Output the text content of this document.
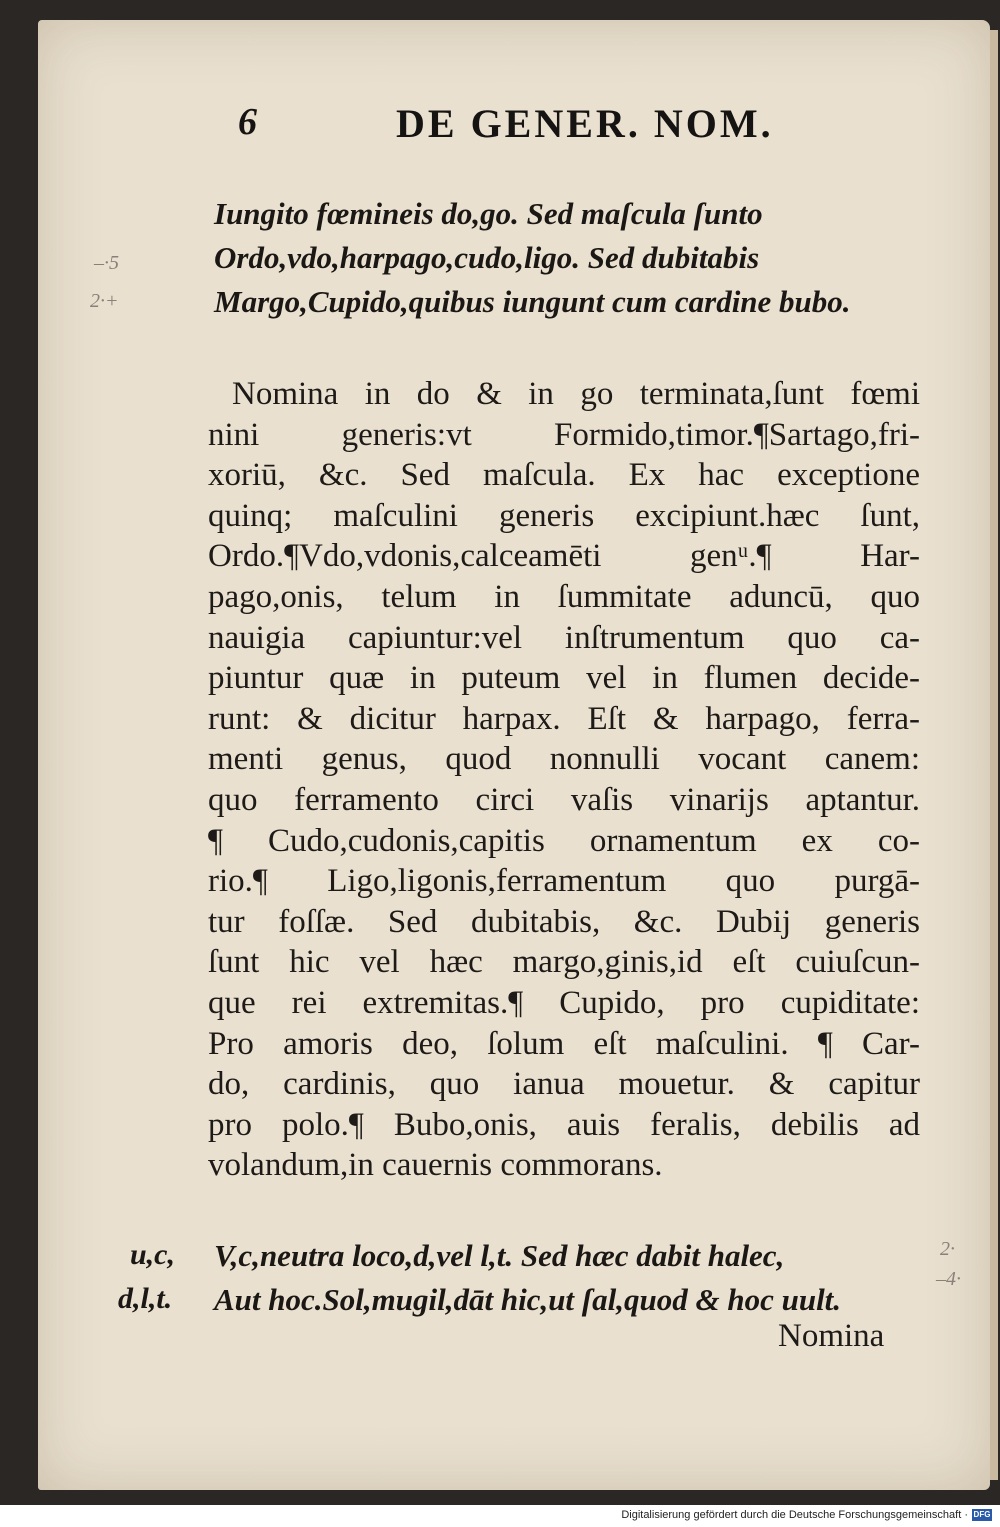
6	DE GENER. NOM.
Iungito fœmineis do,go. Sed maſcula ſunto
Ordo,vdo,harpago,cudo,ligo. Sed dubitabis
Margo,Cupido,quibus iungunt cum cardine bubo.
–·5
2·+
Nomina in do & in go terminata,ſunt fœmi
nini generis:vt Formido,timor.¶Sartago,fri-
xoriū, &c. Sed maſcula. Ex hac exceptione
quinq; maſculini generis excipiunt.hæc ſunt,
Ordo.¶Vdo,vdonis,calceamēti genᵘ.¶ Har-
pago,onis, telum in ſummitate aduncū, quo
nauigia capiuntur:vel inſtrumentum quo ca-
piuntur quæ in puteum vel in flumen decide-
runt: & dicitur harpax. Eſt & harpago, ferra-
menti genus, quod nonnulli vocant canem:
quo ferramento circi vaſis vinarijs aptantur.
¶ Cudo,cudonis,capitis ornamentum ex co-
rio.¶ Ligo,ligonis,ferramentum quo purgā-
tur foſſæ. Sed dubitabis, &c. Dubij generis
ſunt hic vel hæc margo,ginis,id eſt cuiuſcun-
que rei extremitas.¶ Cupido, pro cupiditate:
Pro amoris deo, ſolum eſt maſculini. ¶ Car-
do, cardinis, quo ianua mouetur. & capitur
pro polo.¶ Bubo,onis, auis feralis, debilis ad
volandum,in cauernis commorans.
u,c, V,c,neutra loco,d,vel l,t. Sed hæc dabit halec,
d,l,t. Aut hoc.Sol,mugil,dāt hic,ut ſal,quod & hoc uult.
2·
–4·
Nomina
Digitalisierung gefördert durch die Deutsche Forschungsgemeinschaft · DFG
